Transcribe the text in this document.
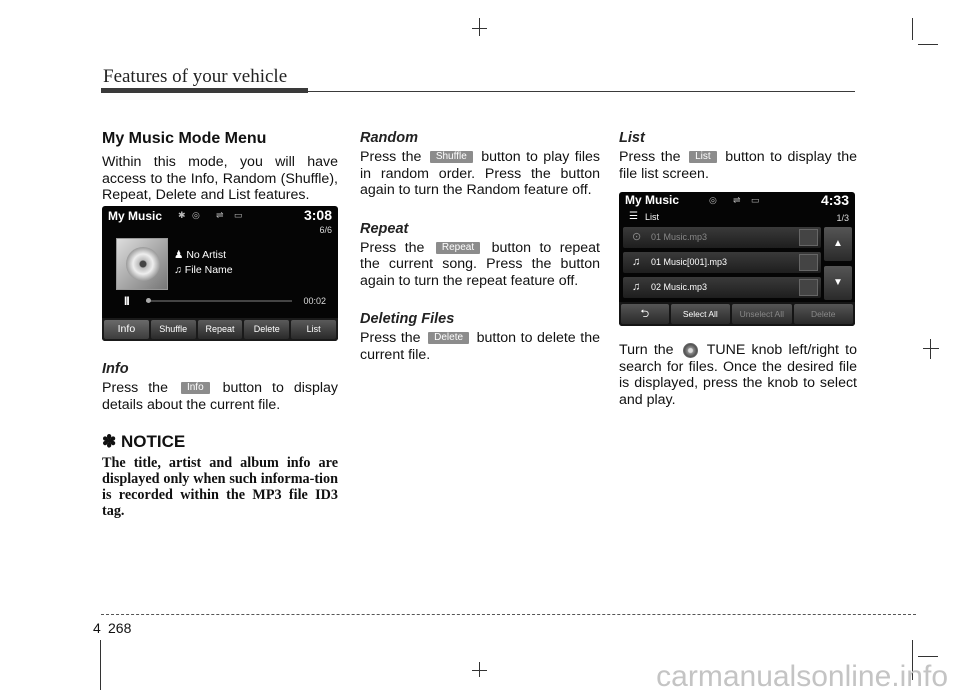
Features of your vehicle
My Music Mode Menu

Within this mode, you will have access to the Info, Random (Shuffle), Repeat, Delete and List features.

My Music ✱ ◎ ⇌ ▭	3:08
6/6
♟ No Artist
♫ File Name
II	00:02
Info	Shuffle	Repeat	Delete	List
Info

Press the Info button to display details about the current file.

✽ NOTICE

The title, artist and album info are displayed only when such informa-tion is recorded within the MP3 file ID3 tag.

Random

Press the Shuffle button to play files in random order. Press the button again to turn the Random feature off.

Repeat

Press the Repeat button to repeat the current song. Press the button again to turn the repeat feature off.

Deleting Files

Press the Delete button to delete the current file.

List

Press the List button to display the file list screen.

My Music	◎ ⇌ ▭	4:33
☰ List	1/3
⊙ 01 Music.mp3
♫ 01 Music[001].mp3
♫ 02 Music.mp3
▲
▼
⮌	Select All	Unselect All	Delete

Turn the TUNE knob left/right to search for files. Once the desired file is displayed, press the knob to select and play.

4 268
carmanualsonline.info
